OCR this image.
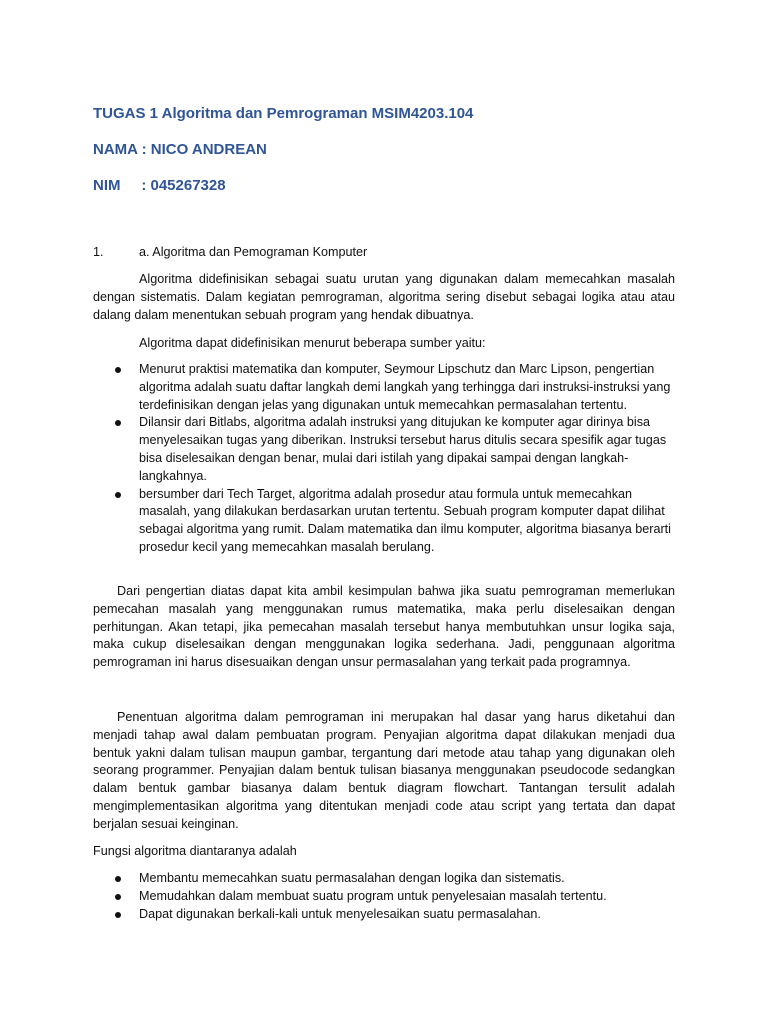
TUGAS 1 Algoritma dan Pemrograman MSIM4203.104
NAMA : NICO ANDREAN
NIM     : 045267328
1.	a. Algoritma dan Pemograman Komputer

Algoritma didefinisikan sebagai suatu urutan yang digunakan dalam memecahkan masalah dengan sistematis. Dalam kegiatan pemrograman, algoritma sering disebut sebagai logika atau atau dalang dalam menentukan sebuah program yang hendak dibuatnya.

Algoritma dapat didefinisikan menurut beberapa sumber yaitu:

Menurut praktisi matematika dan komputer, Seymour Lipschutz dan Marc Lipson, pengertian algoritma adalah suatu daftar langkah demi langkah yang terhingga dari instruksi-instruksi yang terdefinisikan dengan jelas yang digunakan untuk memecahkan permasalahan tertentu.
Dilansir dari Bitlabs, algoritma adalah instruksi yang ditujukan ke komputer agar dirinya bisa menyelesaikan tugas yang diberikan. Instruksi tersebut harus ditulis secara spesifik agar tugas bisa diselesaikan dengan benar, mulai dari istilah yang dipakai sampai dengan langkah- langkahnya.
bersumber dari Tech Target, algoritma adalah prosedur atau formula untuk memecahkan masalah, yang dilakukan berdasarkan urutan tertentu. Sebuah program komputer dapat dilihat sebagai algoritma yang rumit. Dalam matematika dan ilmu komputer, algoritma biasanya berarti prosedur kecil yang memecahkan masalah berulang.

Dari pengertian diatas dapat kita ambil kesimpulan bahwa jika suatu pemrograman memerlukan pemecahan masalah yang menggunakan rumus matematika, maka perlu diselesaikan dengan perhitungan. Akan tetapi, jika pemecahan masalah tersebut hanya membutuhkan unsur logika saja, maka cukup diselesaikan dengan menggunakan logika sederhana. Jadi, penggunaan algoritma pemrograman ini harus disesuaikan dengan unsur permasalahan yang terkait pada programnya.

Penentuan algoritma dalam pemrograman ini merupakan hal dasar yang harus diketahui dan menjadi tahap awal dalam pembuatan program. Penyajian algoritma dapat dilakukan menjadi dua bentuk yakni dalam tulisan maupun gambar, tergantung dari metode atau tahap yang digunakan oleh seorang programmer. Penyajian dalam bentuk tulisan biasanya menggunakan pseudocode sedangkan dalam bentuk gambar biasanya dalam bentuk diagram flowchart. Tantangan tersulit adalah mengimplementasikan algoritma yang ditentukan menjadi code atau script yang tertata dan dapat berjalan sesuai keinginan.

Fungsi algoritma diantaranya adalah

Membantu memecahkan suatu permasalahan dengan logika dan sistematis.
Memudahkan dalam membuat suatu program untuk penyelesaian masalah tertentu.
Dapat digunakan berkali-kali untuk menyelesaikan suatu permasalahan.
